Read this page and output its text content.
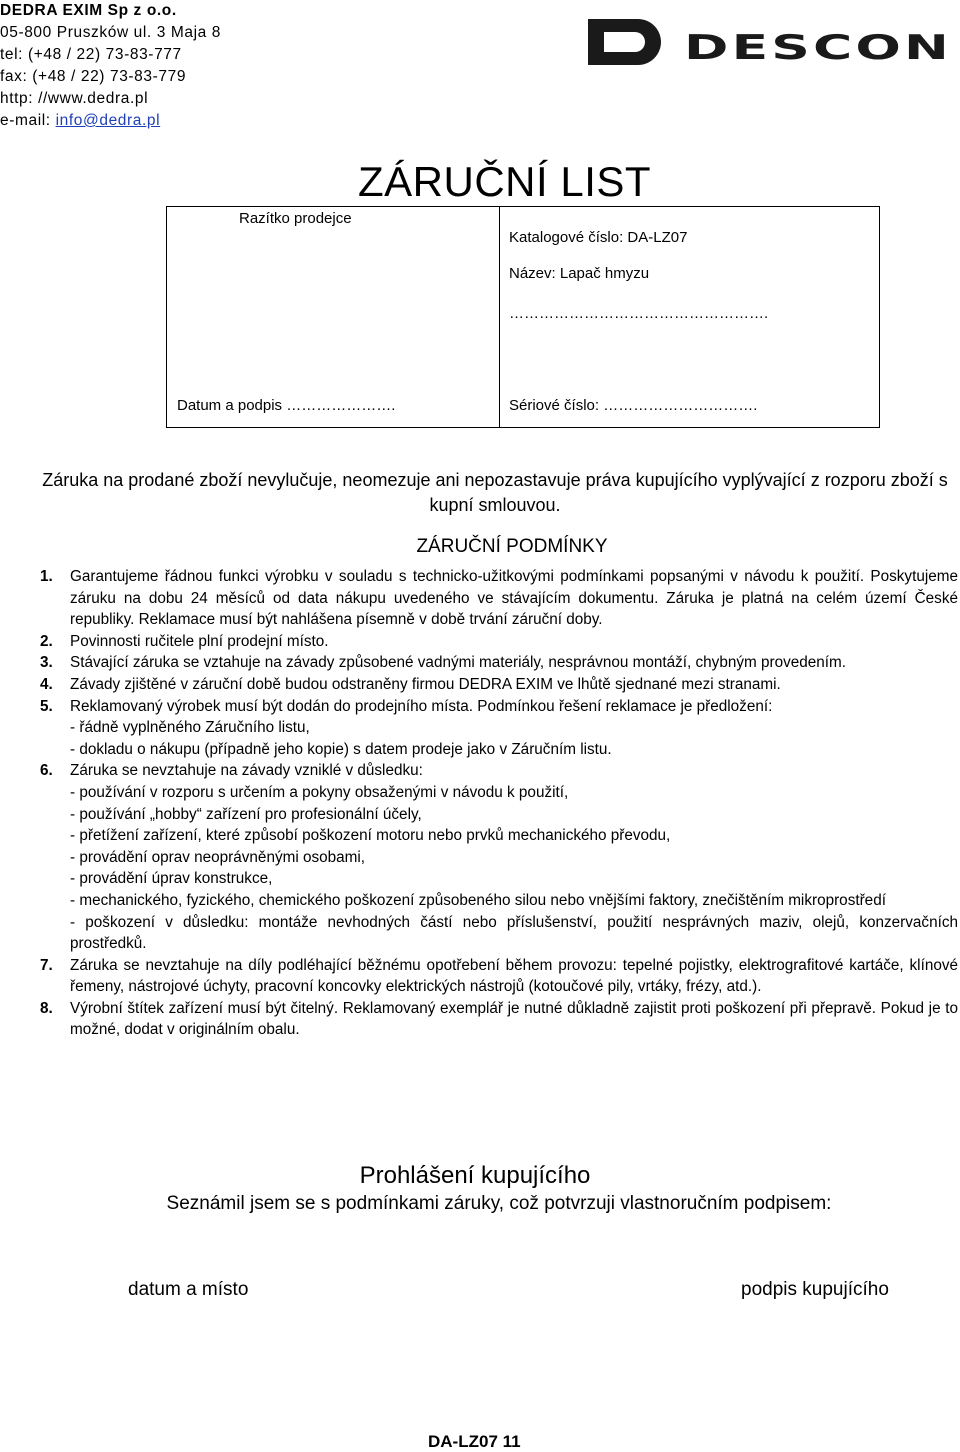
DEDRA EXIM Sp z o.o.
05-800 Pruszków ul. 3 Maja 8
tel: (+48 / 22) 73-83-777
fax: (+48 / 22) 73-83-779
http: //www.dedra.pl
e-mail: info@dedra.pl
DESCON
ZÁRUČNÍ LIST
Razítko prodejce
Katalogové číslo: DA-LZ07
Název: Lapač hmyzu
…………………………………………….
Datum a podpis ………………….	Sériové číslo: ………………………….
Záruka na prodané zboží nevylučuje, neomezuje ani nepozastavuje práva kupujícího vyplývající z rozporu zboží s kupní smlouvou.
ZÁRUČNÍ PODMÍNKY
1.	Garantujeme řádnou funkci výrobku v souladu s technicko-užitkovými podmínkami popsanými v návodu k použití. Poskytujeme záruku na dobu 24 měsíců od data nákupu uvedeného ve stávajícím dokumentu. Záruka je platná na celém území České republiky. Reklamace musí být nahlášena písemně v době trvání záruční doby.
2.	Povinnosti ručitele plní prodejní místo.
3.	Stávající záruka se vztahuje na závady způsobené vadnými materiály, nesprávnou montáží, chybným provedením.
4.	Závady zjištěné v záruční době budou odstraněny firmou DEDRA EXIM ve lhůtě sjednané mezi stranami.
5.	Reklamovaný výrobek musí být dodán do prodejního místa. Podmínkou řešení reklamace je předložení:
- řádně vyplněného Záručního listu,
- dokladu o nákupu (případně jeho kopie) s datem prodeje jako v Záručním listu.
6.	Záruka se nevztahuje na závady vzniklé v důsledku:
- používání v rozporu s určením a pokyny obsaženými v návodu k použití,
- používání „hobby“ zařízení pro profesionální účely,
- přetížení zařízení, které způsobí poškození motoru nebo prvků mechanického převodu,
- provádění oprav neoprávněnými osobami,
- provádění úprav konstrukce,
- mechanického, fyzického, chemického poškození způsobeného silou nebo vnějšími faktory, znečištěním mikroprostředí
- poškození v důsledku: montáže nevhodných částí nebo příslušenství, použití nesprávných maziv, olejů, konzervačních prostředků.
7.	Záruka se nevztahuje na díly podléhající běžnému opotřebení během provozu: tepelné pojistky, elektrografitové kartáče, klínové řemeny, nástrojové úchyty, pracovní koncovky elektrických nástrojů (kotoučové pily, vrtáky, frézy, atd.).
8.	Výrobní štítek zařízení musí být čitelný. Reklamovaný exemplář je nutné důkladně zajistit proti poškození při přepravě. Pokud je to možné, dodat v originálním obalu.
Prohlášení kupujícího
Seznámil jsem se s podmínkami záruky, což potvrzuji vlastnoručním podpisem:
datum a místo	podpis kupujícího
DA-LZ07 11
